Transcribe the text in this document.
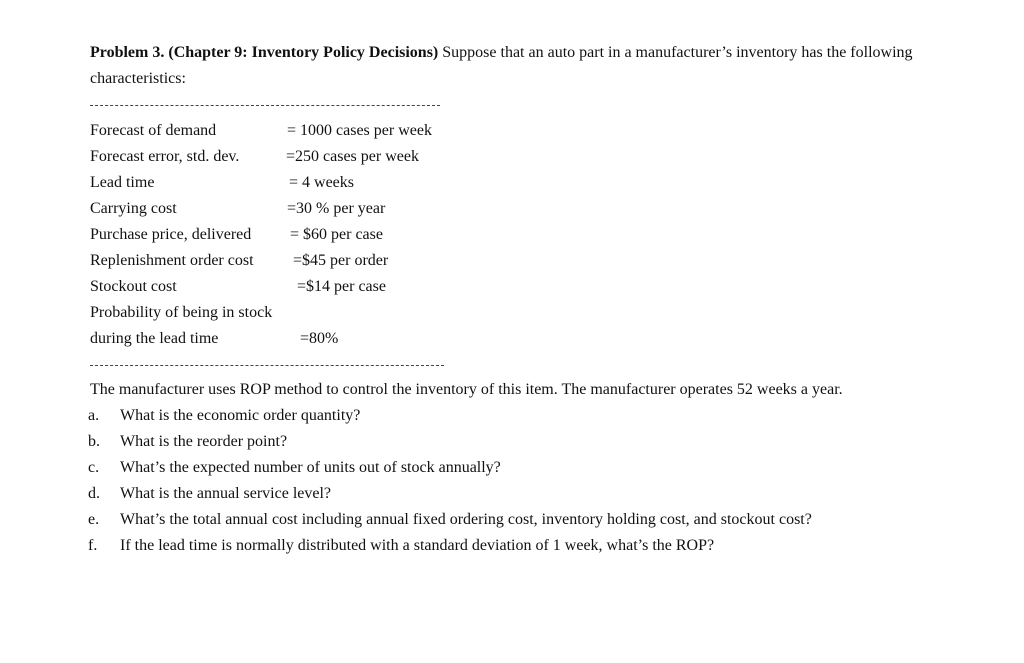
Problem 3. (Chapter 9: Inventory Policy Decisions) Suppose that an auto part in a manufacturer’s inventory has the following characteristics:

Forecast of demand	= 1000 cases per week
Forecast error, std. dev.	=250 cases per week
Lead time	= 4 weeks
Carrying cost	=30 % per year
Purchase price, delivered = $60 per case
Replenishment order cost =$45 per order
Stockout cost	=$14 per case
Probability of being in stock
during the lead time	=80%
The manufacturer uses ROP method to control the inventory of this item. The manufacturer operates 52 weeks a year.
a.	What is the economic order quantity?
b.	What is the reorder point?
c.	What’s the expected number of units out of stock annually?
d.	What is the annual service level?
e.	What’s the total annual cost including annual fixed ordering cost, inventory holding cost, and stockout cost?
f.	If the lead time is normally distributed with a standard deviation of 1 week, what’s the ROP?
